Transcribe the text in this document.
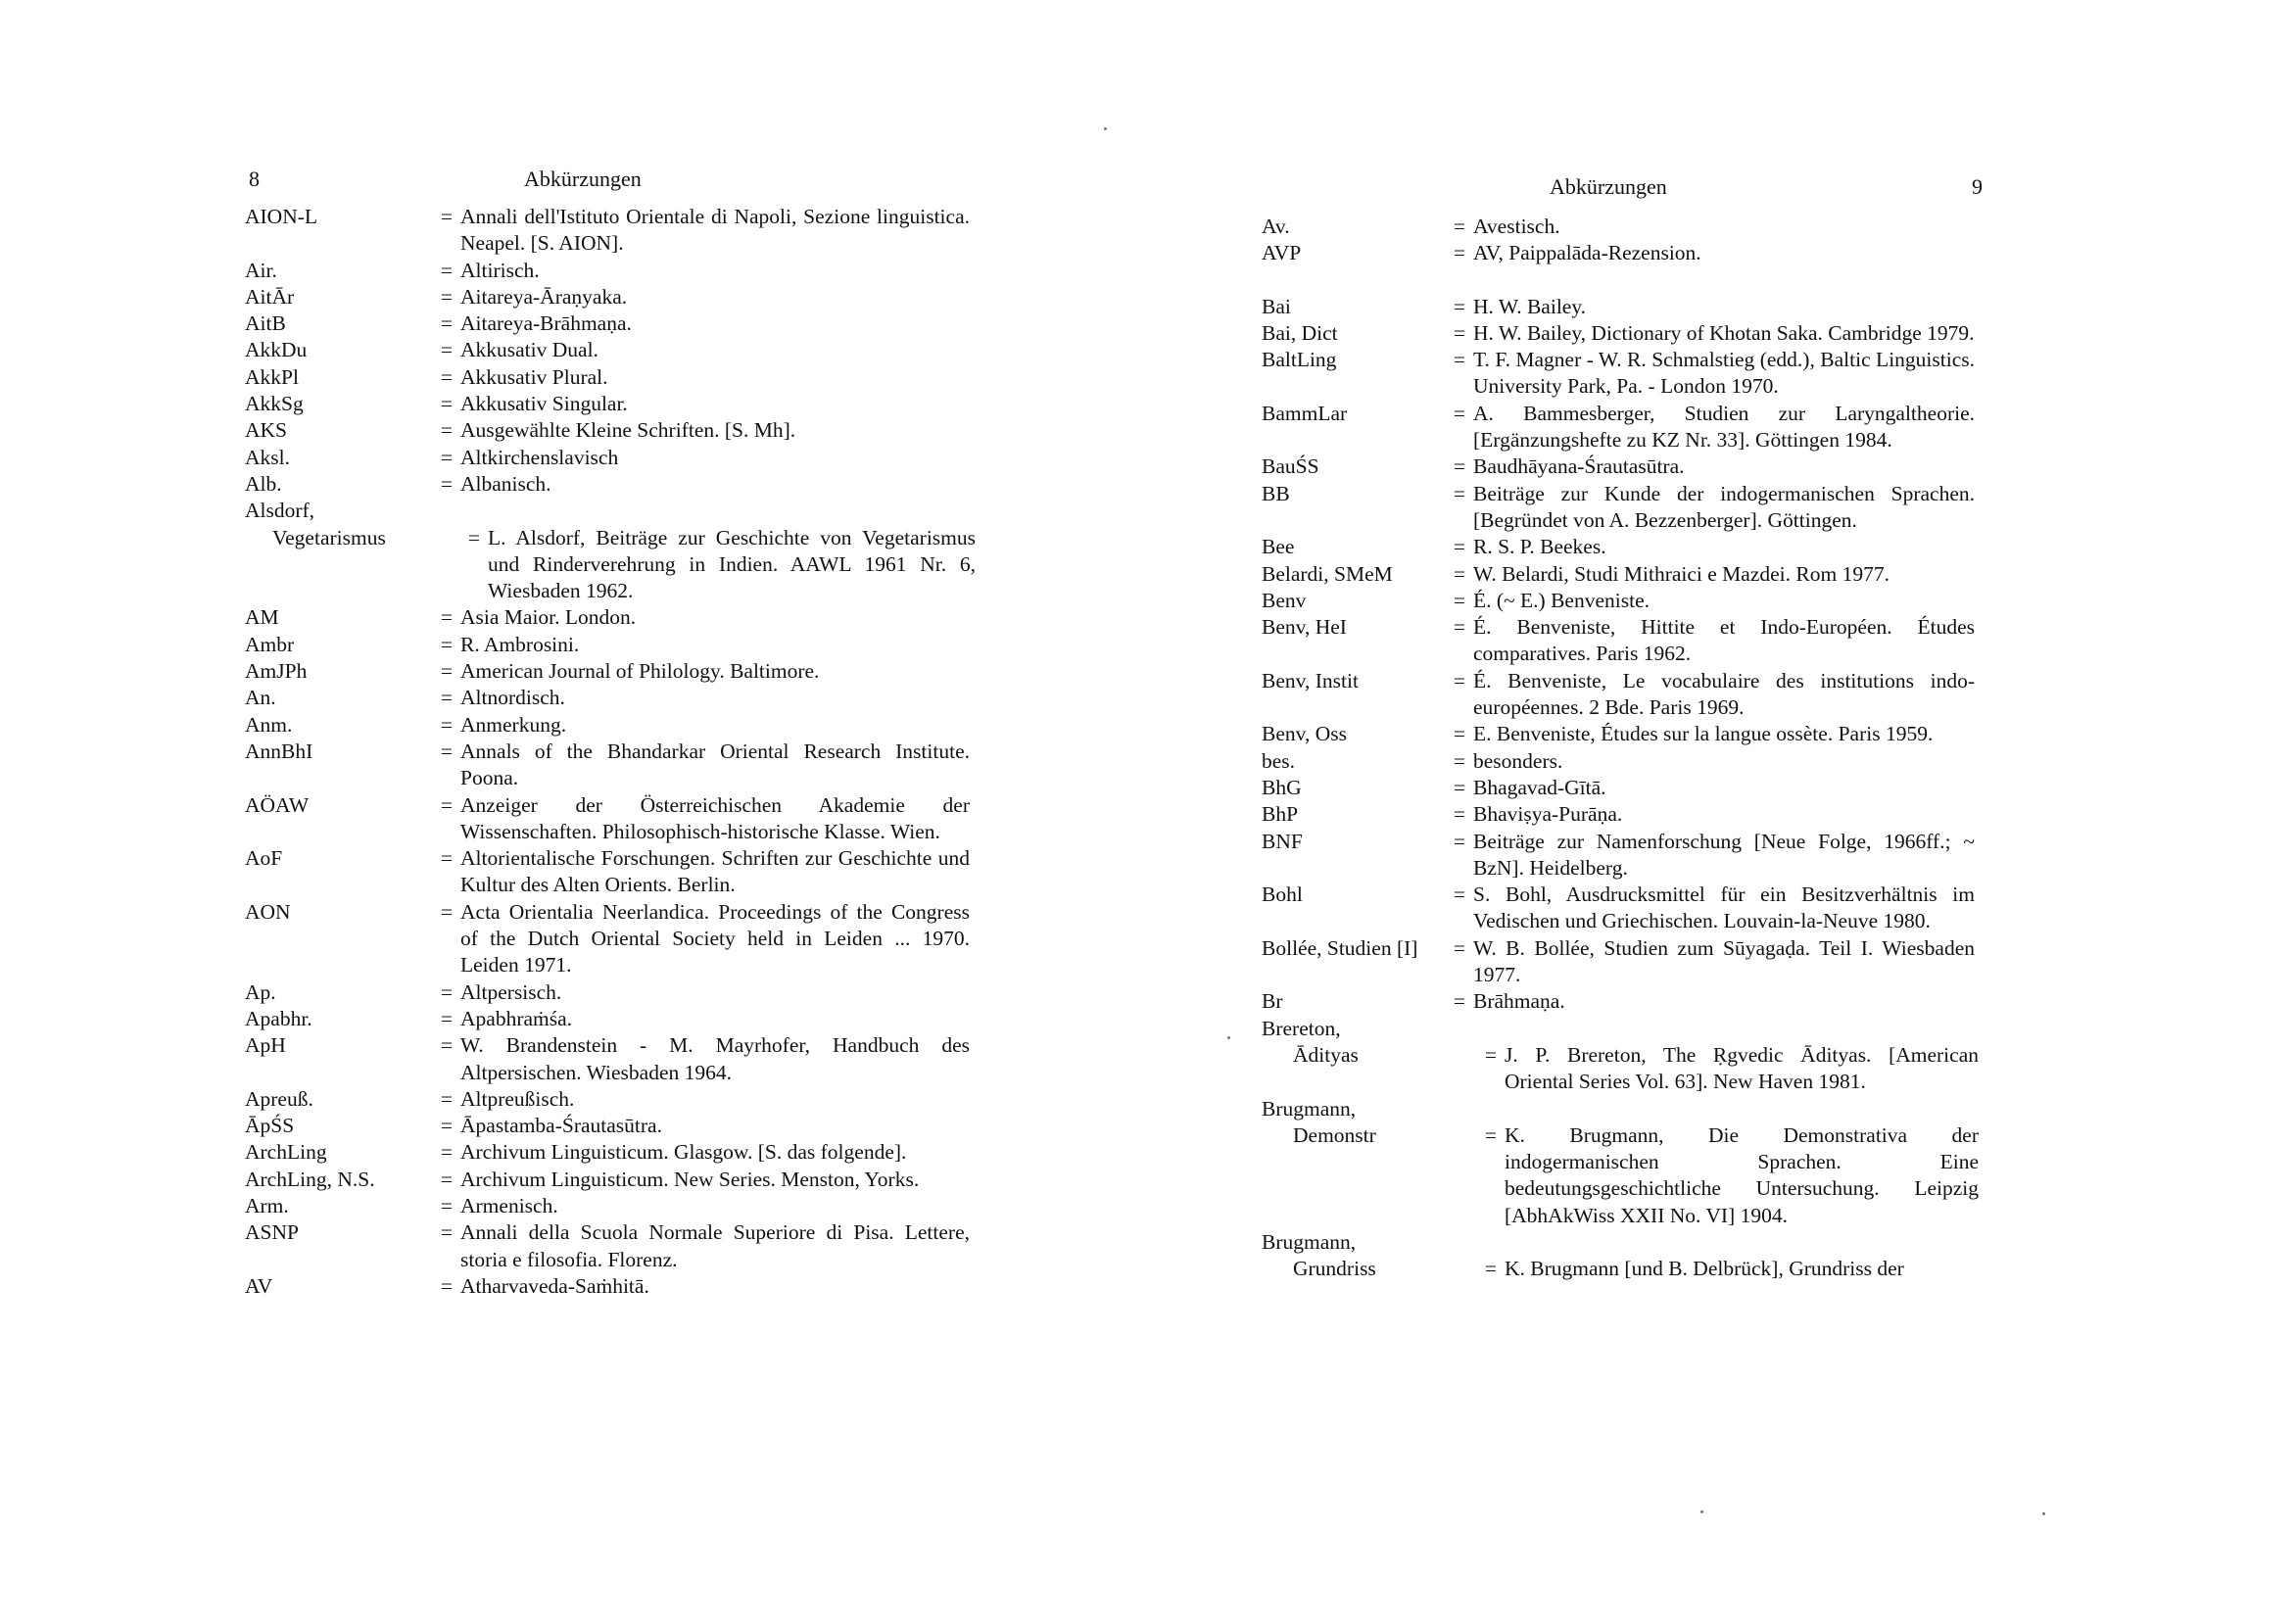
8	Abkürzungen
AION-L	= Annali dell'Istituto Orientale di Napoli, Sezione linguistica. Neapel. [S. AION].
Air.	= Altirisch.
AitĀr	= Aitareya-Āraṇyaka.
AitB	= Aitareya-Brāhmaṇa.
AkkDu	= Akkusativ Dual.
AkkPl	= Akkusativ Plural.
AkkSg	= Akkusativ Singular.
AKS	= Ausgewählte Kleine Schriften. [S. Mh].
Aksl.	= Altkirchenslavisch
Alb.	= Albanisch.
Alsdorf,
Vegetarismus	= L. Alsdorf, Beiträge zur Geschichte von Vegetarismus und Rinderverehrung in Indien. AAWL 1961 Nr. 6, Wiesbaden 1962.
AM	= Asia Maior. London.
Ambr	= R. Ambrosini.
AmJPh	= American Journal of Philology. Baltimore.
An.	= Altnordisch.
Anm.	= Anmerkung.
AnnBhI	= Annals of the Bhandarkar Oriental Research Institute. Poona.
AÖAW	= Anzeiger der Österreichischen Akademie der Wissenschaften. Philosophisch-historische Klasse. Wien.
AoF	= Altorientalische Forschungen. Schriften zur Geschichte und Kultur des Alten Orients. Berlin.
AON	= Acta Orientalia Neerlandica. Proceedings of the Congress of the Dutch Oriental Society held in Leiden ... 1970. Leiden 1971.
Ap.	= Altpersisch.
Apabhr.	= Apabhraṁśa.
ApH	= W. Brandenstein - M. Mayrhofer, Handbuch des Altpersischen. Wiesbaden 1964.
Apreuß.	= Altpreußisch.
ĀpŚS	= Āpastamba-Śrautasūtra.
ArchLing	= Archivum Linguisticum. Glasgow. [S. das folgende].
ArchLing, N.S.	= Archivum Linguisticum. New Series. Menston, Yorks.
Arm.	= Armenisch.
ASNP	= Annali della Scuola Normale Superiore di Pisa. Lettere, storia e filosofia. Florenz.
AV	= Atharvaveda-Saṁhitā.
Abkürzungen	9
Av.	= Avestisch.
AVP	= AV, Paippalāda-Rezension.
Bai	= H. W. Bailey.
Bai, Dict	= H. W. Bailey, Dictionary of Khotan Saka. Cambridge 1979.
BaltLing	= T. F. Magner - W. R. Schmalstieg (edd.), Baltic Linguistics. University Park, Pa. - London 1970.
BammLar	= A. Bammesberger, Studien zur Laryngaltheorie. [Ergänzungshefte zu KZ Nr. 33]. Göttingen 1984.
BauŚS	= Baudhāyana-Śrautasūtra.
BB	= Beiträge zur Kunde der indogermanischen Sprachen. [Begründet von A. Bezzenberger]. Göttingen.
Bee	= R. S. P. Beekes.
Belardi, SMeM	= W. Belardi, Studi Mithraici e Mazdei. Rom 1977.
Benv	= É. (~ E.) Benveniste.
Benv, HeI	= É. Benveniste, Hittite et Indo-Européen. Études comparatives. Paris 1962.
Benv, Instit	= É. Benveniste, Le vocabulaire des institutions indo-européennes. 2 Bde. Paris 1969.
Benv, Oss	= E. Benveniste, Études sur la langue ossète. Paris 1959.
bes.	= besonders.
BhG	= Bhagavad-Gītā.
BhP	= Bhaviṣya-Purāṇa.
BNF	= Beiträge zur Namenforschung [Neue Folge, 1966ff.; ~ BzN]. Heidelberg.
Bohl	= S. Bohl, Ausdrucksmittel für ein Besitzverhältnis im Vedischen und Griechischen. Louvain-la-Neuve 1980.
Bollée, Studien [I]	= W. B. Bollée, Studien zum Sūyagaḍa. Teil I. Wiesbaden 1977.
Br	= Brāhmaṇa.
Brereton,
Ādityas	= J. P. Brereton, The Ṛgvedic Ādityas. [American Oriental Series Vol. 63]. New Haven 1981.
Brugmann,
Demonstr	= K. Brugmann, Die Demonstrativa der indogermanischen Sprachen. Eine bedeutungsgeschichtliche Untersuchung. Leipzig [AbhAkWiss XXII No. VI] 1904.
Brugmann,
Grundriss	= K. Brugmann [und B. Delbrück], Grundriss der
